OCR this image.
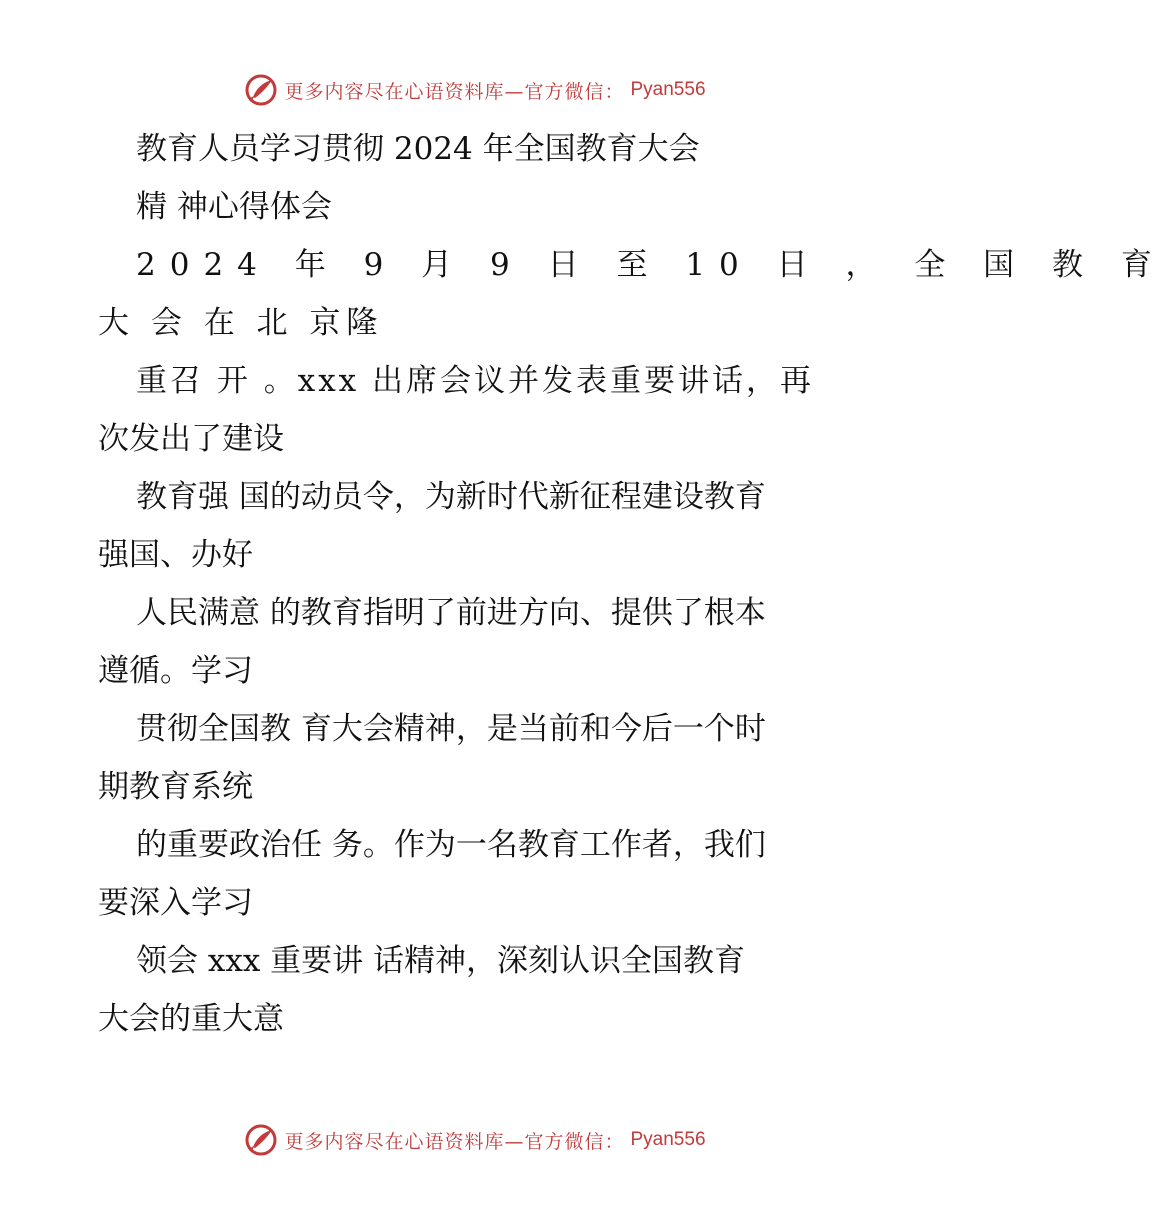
更多内容尽在心语资料库—官方微信： Pyan556

教育人员学习贯彻 2024 年全国教育大会

精 神心得体会

2024 年 9 月 9 日 至 10 日 ， 全 国 教 育

大 会 在 北 京隆

重召 开 。xxx 出席会议并发表重要讲话，再

次发出了建设

教育强 国的动员令，为新时代新征程建设教育

强国、办好

人民满意 的教育指明了前进方向、提供了根本

遵循。学习

贯彻全国教 育大会精神，是当前和今后一个时

期教育系统

的重要政治任 务。作为一名教育工作者，我们

要深入学习

领会 xxx 重要讲 话精神，深刻认识全国教育

大会的重大意

更多内容尽在心语资料库—官方微信： Pyan556
